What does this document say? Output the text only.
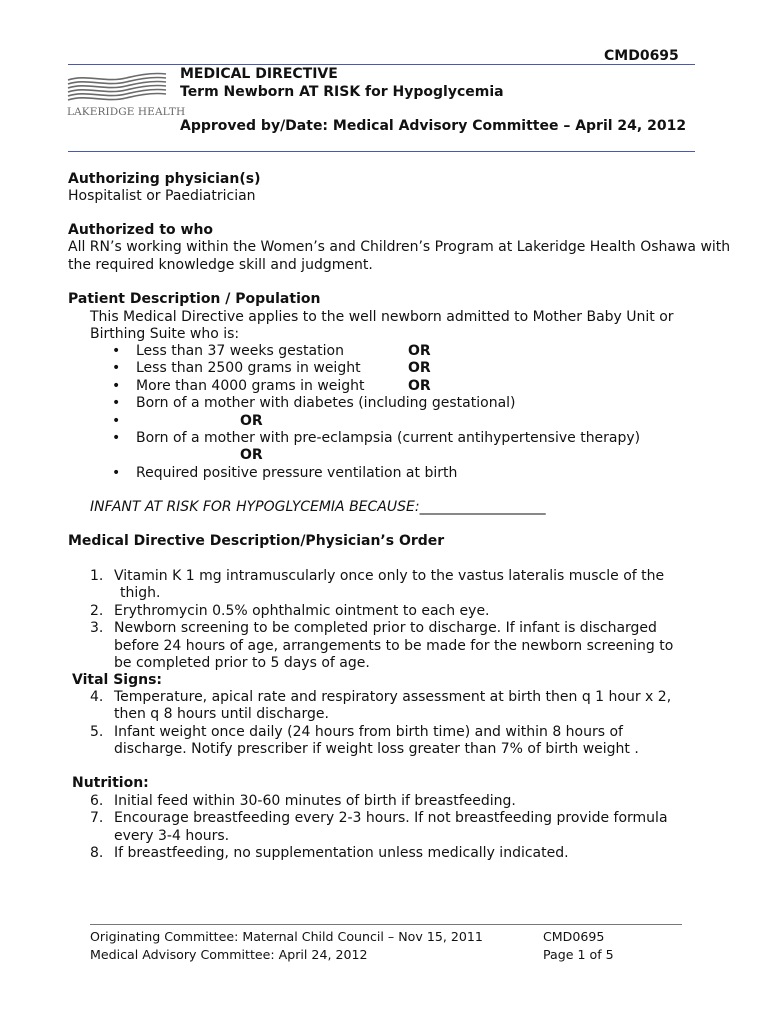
CMD0695
LAKERIDGE HEALTH
MEDICAL DIRECTIVE
Term Newborn AT RISK for Hypoglycemia
Approved by/Date: Medical Advisory Committee – April 24, 2012
Authorizing physician(s)
Hospitalist or Paediatrician
Authorized to who
All RN’s working within the Women’s and Children’s Program at Lakeridge Health Oshawa with
the required knowledge skill and judgment.
Patient Description / Population
This Medical Directive applies to the well newborn admitted to Mother Baby Unit or
Birthing Suite who is:
• Less than 37 weeks gestation	OR
• Less than 2500 grams in weight	OR
• More than 4000 grams in weight	OR
• Born of a mother with diabetes (including gestational)
•	OR
• Born of a mother with pre-eclampsia (current antihypertensive therapy)
OR
• Required positive pressure ventilation at birth
INFANT AT RISK FOR HYPOGLYCEMIA BECAUSE:__________________
Medical Directive Description/Physician’s Order
1. Vitamin K 1 mg intramuscularly once only to the vastus lateralis muscle of the
thigh.
2. Erythromycin 0.5% ophthalmic ointment to each eye.
3. Newborn screening to be completed prior to discharge. If infant is discharged
before 24 hours of age, arrangements to be made for the newborn screening to
be completed prior to 5 days of age.
Vital Signs:
4. Temperature, apical rate and respiratory assessment at birth then q 1 hour x 2,
then q 8 hours until discharge.
5. Infant weight once daily (24 hours from birth time) and within 8 hours of
discharge. Notify prescriber if weight loss greater than 7% of birth weight .
Nutrition:
6. Initial feed within 30-60 minutes of birth if breastfeeding.
7. Encourage breastfeeding every 2-3 hours. If not breastfeeding provide formula
every 3-4 hours.
8. If breastfeeding, no supplementation unless medically indicated.
Originating Committee: Maternal Child Council – Nov 15, 2011
Medical Advisory Committee: April 24, 2012
CMD0695
Page 1 of 5
